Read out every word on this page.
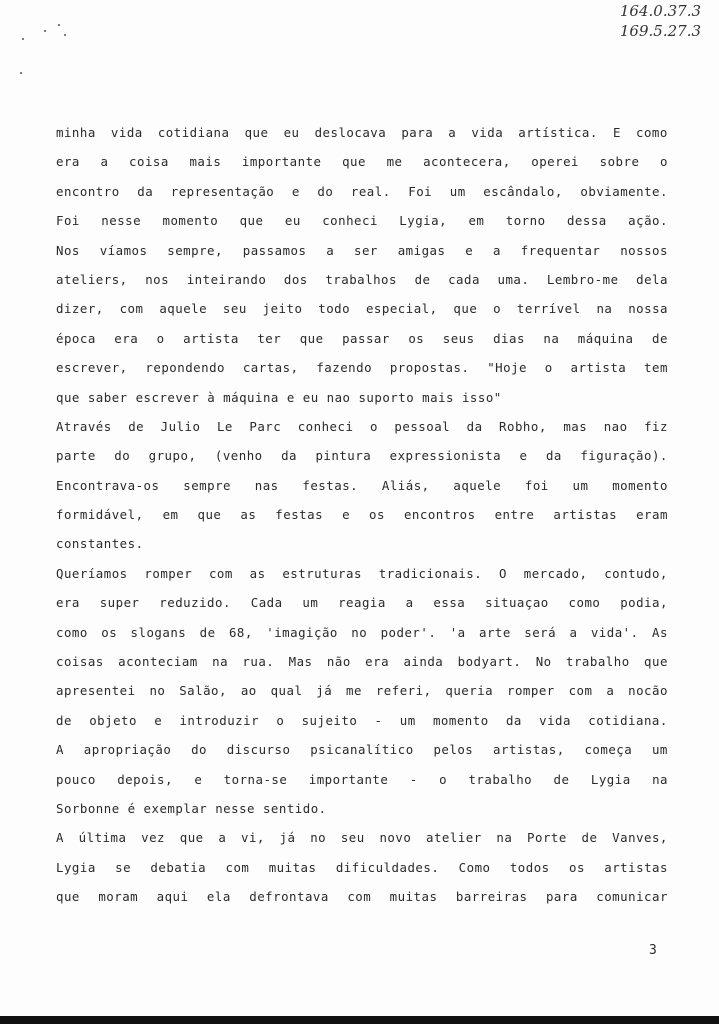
164.0.37.3
169.5.27.3
minha vida cotidiana que eu deslocava para a vida artística. E como
era a coisa mais importante que me acontecera, operei sobre o
encontro da representação e do real. Foi um escândalo, obviamente.
Foi nesse momento que eu conheci Lygia, em torno dessa ação.
Nos víamos sempre, passamos a ser amigas e a frequentar nossos
ateliers, nos inteirando dos trabalhos de cada uma. Lembro-me dela
dizer, com aquele seu jeito todo especial, que o terrível na nossa
época era o artista ter que passar os seus dias na máquina de
escrever, repondendo cartas, fazendo propostas. "Hoje o artista tem
que saber escrever à máquina e eu nao suporto mais isso"
Através de Julio Le Parc conheci o pessoal da Robho, mas nao fiz
parte do grupo, (venho da pintura expressionista e da figuração).
Encontrava-os sempre nas festas. Aliás, aquele foi um momento
formidável, em que as festas e os encontros entre artistas eram
constantes.
Queríamos romper com as estruturas tradicionais. O mercado, contudo,
era super reduzido. Cada um reagia a essa situaçao como podia,
como os slogans de 68, 'imagição no poder'. 'a arte será a vida'. As
coisas aconteciam na rua. Mas não era ainda bodyart. No trabalho que
apresentei no Salão, ao qual já me referi, queria romper com a nocão
de objeto e introduzir o sujeito - um momento da vida cotidiana.
A apropriação do discurso psicanalítico pelos artistas, começa um
pouco depois, e torna-se importante - o trabalho de Lygia na
Sorbonne é exemplar nesse sentido.
A última vez que a vi, já no seu novo atelier na Porte de Vanves,
Lygia se debatia com muitas dificuldades. Como todos os artistas
que moram aqui ela defrontava com muitas barreiras para comunicar
3
